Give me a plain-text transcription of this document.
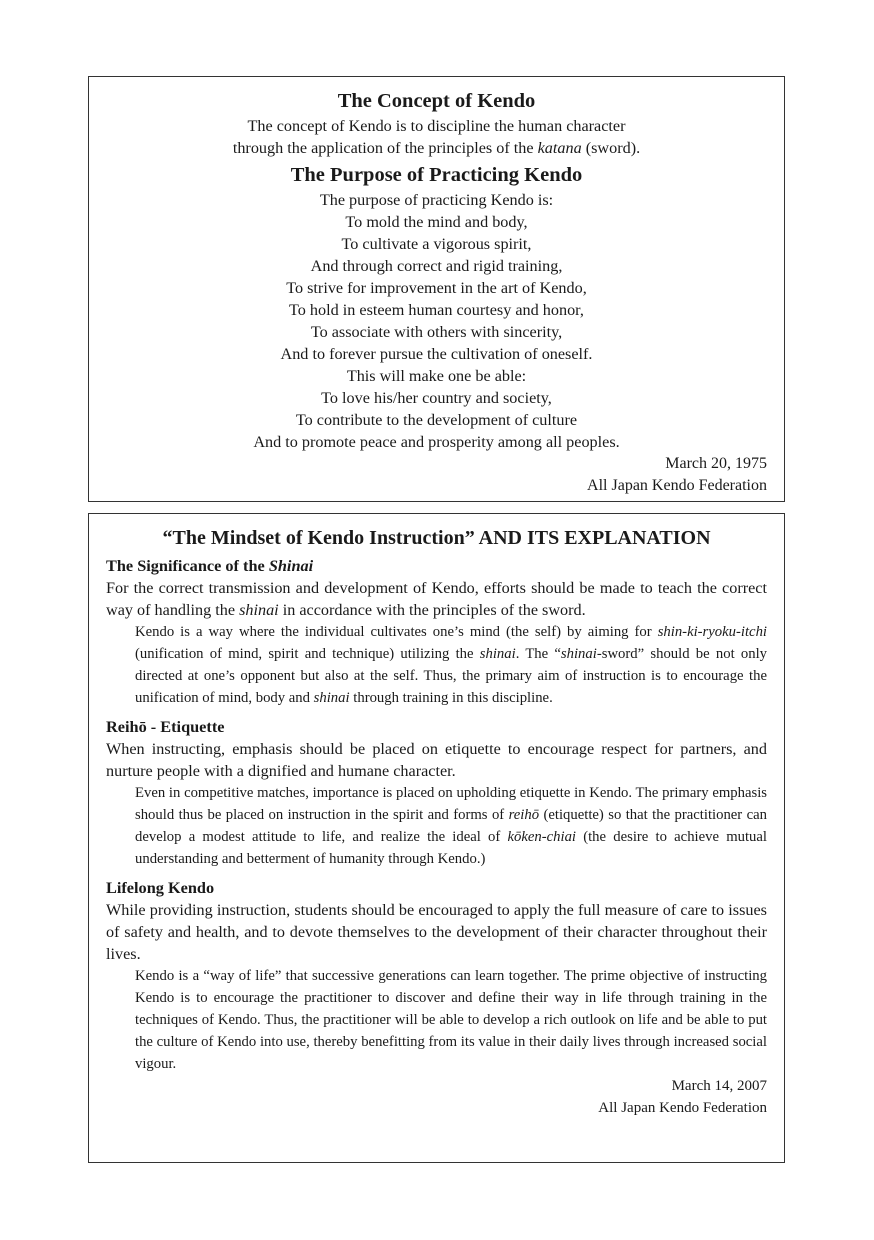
The Concept of Kendo
The concept of Kendo is to discipline the human character
through the application of the principles of the katana (sword).
The Purpose of Practicing Kendo
The purpose of practicing Kendo is:
To mold the mind and body,
To cultivate a vigorous spirit,
And through correct and rigid training,
To strive for improvement in the art of Kendo,
To hold in esteem human courtesy and honor,
To associate with others with sincerity,
And to forever pursue the cultivation of oneself.
This will make one be able:
To love his/her country and society,
To contribute to the development of culture
And to promote peace and prosperity among all peoples.
March 20, 1975
All Japan Kendo Federation
“The Mindset of Kendo Instruction” AND ITS EXPLANATION
The Significance of the Shinai
For the correct transmission and development of Kendo, efforts should be made to teach the correct way of handling the shinai in accordance with the principles of the sword.
Kendo is a way where the individual cultivates one’s mind (the self) by aiming for shin-ki-ryoku-itchi (unification of mind, spirit and technique) utilizing the shinai. The “shinai-sword” should be not only directed at one’s opponent but also at the self. Thus, the primary aim of instruction is to encourage the unification of mind, body and shinai through training in this discipline.
Reihō - Etiquette
When instructing, emphasis should be placed on etiquette to encourage respect for partners, and nurture people with a dignified and humane character.
Even in competitive matches, importance is placed on upholding etiquette in Kendo. The primary emphasis should thus be placed on instruction in the spirit and forms of reihō (etiquette) so that the practitioner can develop a modest attitude to life, and realize the ideal of kōken-chiai (the desire to achieve mutual understanding and betterment of humanity through Kendo.)
Lifelong Kendo
While providing instruction, students should be encouraged to apply the full measure of care to issues of safety and health, and to devote themselves to the development of their character throughout their lives.
Kendo is a “way of life” that successive generations can learn together. The prime objective of instructing Kendo is to encourage the practitioner to discover and define their way in life through training in the techniques of Kendo. Thus, the practitioner will be able to develop a rich outlook on life and be able to put the culture of Kendo into use, thereby benefitting from its value in their daily lives through increased social vigour.
March 14, 2007
All Japan Kendo Federation
